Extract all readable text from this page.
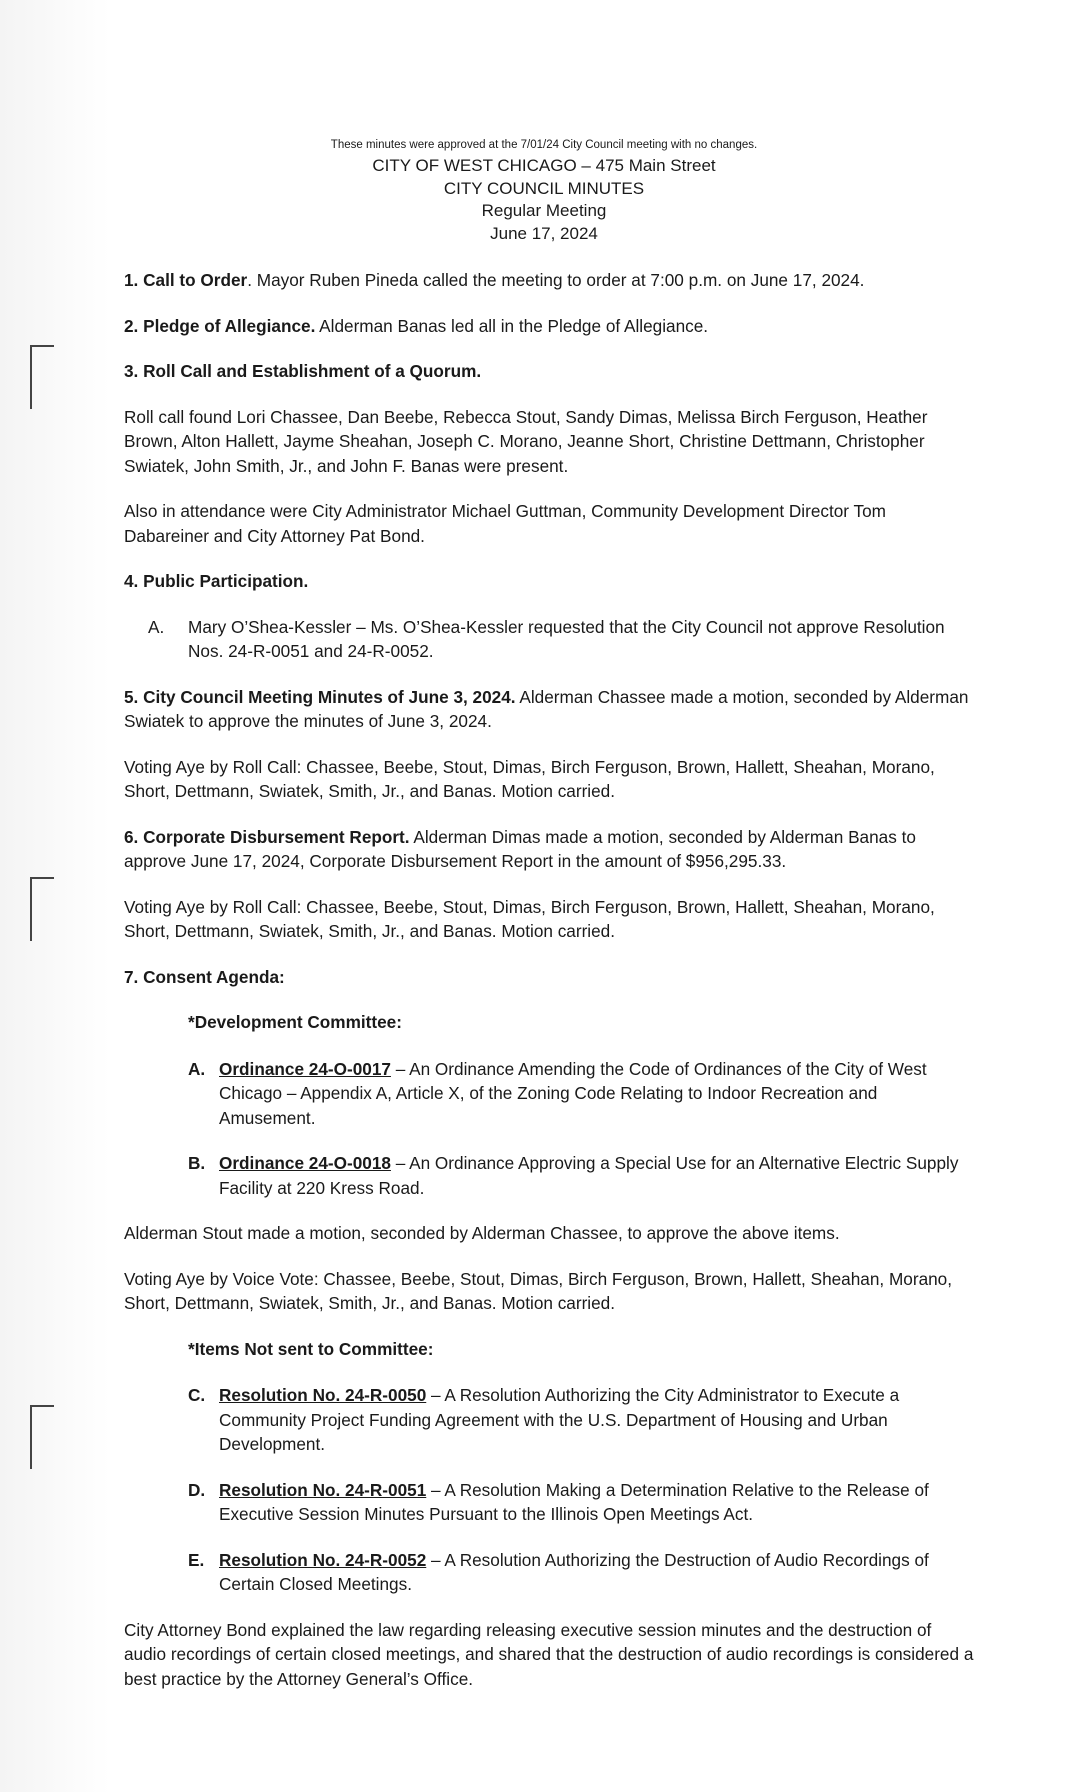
These minutes were approved at the 7/01/24 City Council meeting with no changes.
CITY OF WEST CHICAGO – 475 Main Street
CITY COUNCIL MINUTES
Regular Meeting
June 17, 2024

1. Call to Order. Mayor Ruben Pineda called the meeting to order at 7:00 p.m. on June 17, 2024.

2. Pledge of Allegiance. Alderman Banas led all in the Pledge of Allegiance.

3. Roll Call and Establishment of a Quorum.

Roll call found Lori Chassee, Dan Beebe, Rebecca Stout, Sandy Dimas, Melissa Birch Ferguson, Heather Brown, Alton Hallett, Jayme Sheahan, Joseph C. Morano, Jeanne Short, Christine Dettmann, Christopher Swiatek, John Smith, Jr., and John F. Banas were present.

Also in attendance were City Administrator Michael Guttman, Community Development Director Tom Dabareiner and City Attorney Pat Bond.

4. Public Participation.

A. Mary O’Shea-Kessler – Ms. O’Shea-Kessler requested that the City Council not approve Resolution Nos. 24-R-0051 and 24-R-0052.

5. City Council Meeting Minutes of June 3, 2024. Alderman Chassee made a motion, seconded by Alderman Swiatek to approve the minutes of June 3, 2024.

Voting Aye by Roll Call: Chassee, Beebe, Stout, Dimas, Birch Ferguson, Brown, Hallett, Sheahan, Morano, Short, Dettmann, Swiatek, Smith, Jr., and Banas. Motion carried.

6. Corporate Disbursement Report. Alderman Dimas made a motion, seconded by Alderman Banas to approve June 17, 2024, Corporate Disbursement Report in the amount of $956,295.33.

Voting Aye by Roll Call: Chassee, Beebe, Stout, Dimas, Birch Ferguson, Brown, Hallett, Sheahan, Morano, Short, Dettmann, Swiatek, Smith, Jr., and Banas. Motion carried.

7. Consent Agenda:

*Development Committee:
A. Ordinance 24-O-0017 – An Ordinance Amending the Code of Ordinances of the City of West Chicago – Appendix A, Article X, of the Zoning Code Relating to Indoor Recreation and Amusement.
B. Ordinance 24-O-0018 – An Ordinance Approving a Special Use for an Alternative Electric Supply Facility at 220 Kress Road.

Alderman Stout made a motion, seconded by Alderman Chassee, to approve the above items.

Voting Aye by Voice Vote: Chassee, Beebe, Stout, Dimas, Birch Ferguson, Brown, Hallett, Sheahan, Morano, Short, Dettmann, Swiatek, Smith, Jr., and Banas. Motion carried.

*Items Not sent to Committee:
C. Resolution No. 24-R-0050 – A Resolution Authorizing the City Administrator to Execute a Community Project Funding Agreement with the U.S. Department of Housing and Urban Development.
D. Resolution No. 24-R-0051 – A Resolution Making a Determination Relative to the Release of Executive Session Minutes Pursuant to the Illinois Open Meetings Act.
E. Resolution No. 24-R-0052 – A Resolution Authorizing the Destruction of Audio Recordings of Certain Closed Meetings.

City Attorney Bond explained the law regarding releasing executive session minutes and the destruction of audio recordings of certain closed meetings, and shared that the destruction of audio recordings is considered a best practice by the Attorney General’s Office.
